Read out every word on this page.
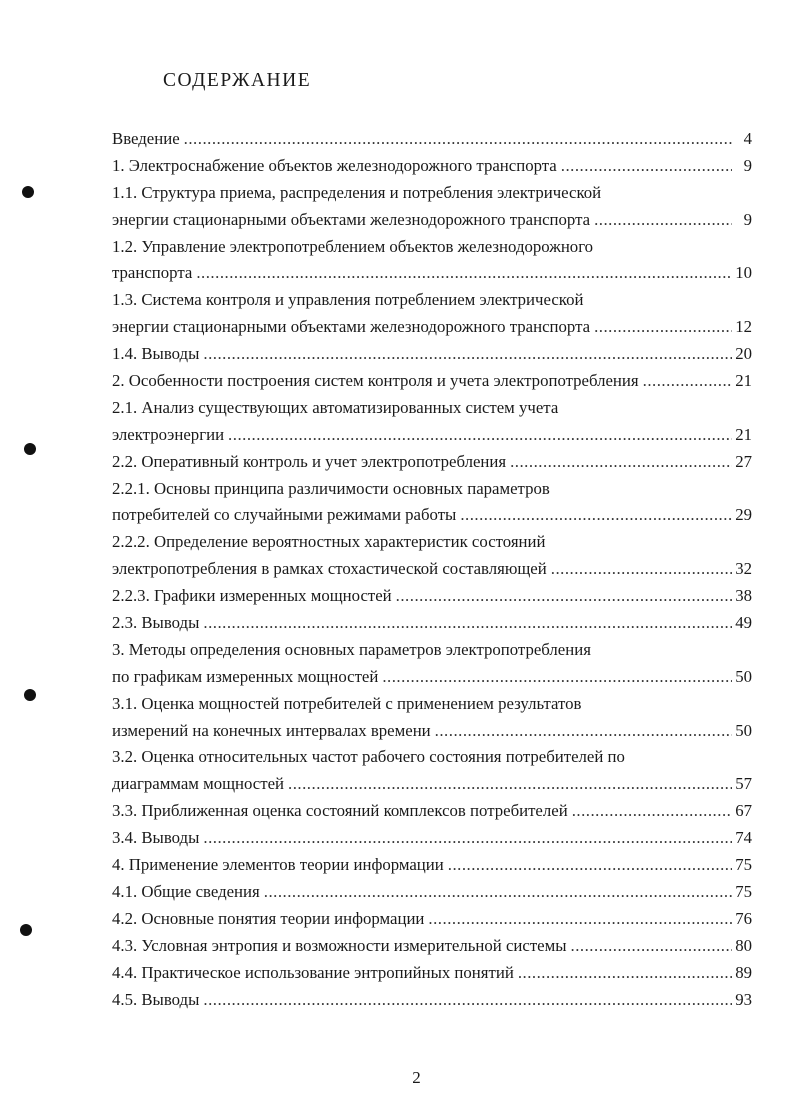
СОДЕРЖАНИЕ
Введение .....	4
1. Электроснабжение объектов железнодорожного транспорта .....	9
1.1. Структура приема, распределения и потребления электрической
энергии стационарными объектами железнодорожного транспорта .....	9
1.2. Управление электропотреблением объектов железнодорожного
транспорта .....	10
1.3. Система контроля и управления потреблением электрической
энергии стационарными объектами железнодорожного транспорта .....	12
1.4. Выводы .....	20
2. Особенности построения систем контроля и учета электропотребления .....	21
2.1. Анализ существующих автоматизированных систем учета
электроэнергии .....	21
2.2. Оперативный контроль и учет электропотребления .....	27
2.2.1. Основы принципа различимости основных параметров
потребителей со случайными режимами работы .....	29
2.2.2. Определение вероятностных характеристик состояний
электропотребления в рамках стохастической составляющей .....	32
2.2.3. Графики измеренных мощностей .....	38
2.3. Выводы .....	49
3. Методы определения основных параметров электропотребления
по графикам измеренных мощностей .....	50
3.1. Оценка мощностей потребителей с применением результатов
измерений на конечных интервалах времени .....	50
3.2. Оценка относительных частот рабочего состояния потребителей по
диаграммам мощностей .....	57
3.3. Приближенная оценка состояний комплексов потребителей .....	67
3.4. Выводы .....	74
4. Применение элементов теории информации .....	75
4.1. Общие сведения .....	75
4.2. Основные понятия теории информации .....	76
4.3. Условная энтропия и возможности измерительной системы .....	80
4.4. Практическое использование энтропийных понятий .....	89
4.5. Выводы .....	93
2
